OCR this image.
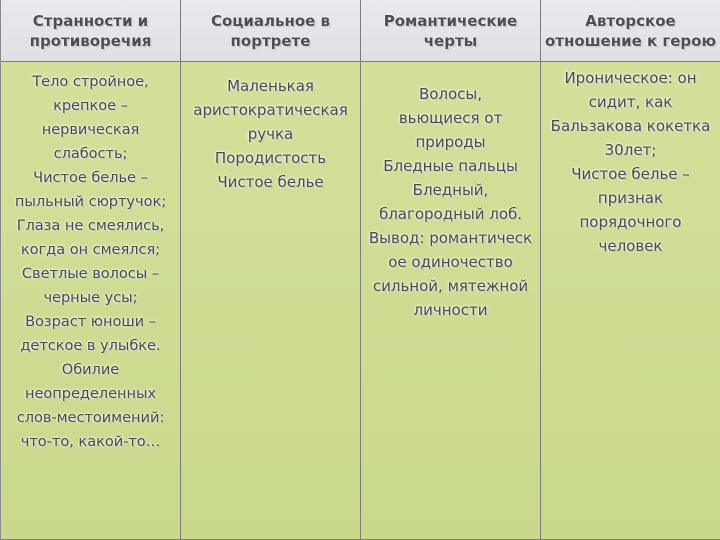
Странности и
противоречия
Социальное в
портрете
Романтические
черты
Авторское
отношение к герою
Тело стройное,
крепкое –
нервическая
слабость;
Чистое белье –
пыльный сюртучок;
Глаза не смеялись,
когда он смеялся;
Светлые волосы –
черные усы;
Возраст юноши –
детское в улыбке.
Обилие
неопределенных
слов-местоимений:
что-то, какой-то…
Маленькая
аристократическая
ручка
Породистость
Чистое белье
Волосы,
вьющиеся от
природы
Бледные пальцы
Бледный,
благородный лоб.
Вывод: романтическ
ое одиночество
сильной, мятежной
личности
Ироническое: он
сидит, как
Бальзакова кокетка
30лет;
Чистое белье –
признак
порядочного
человек
